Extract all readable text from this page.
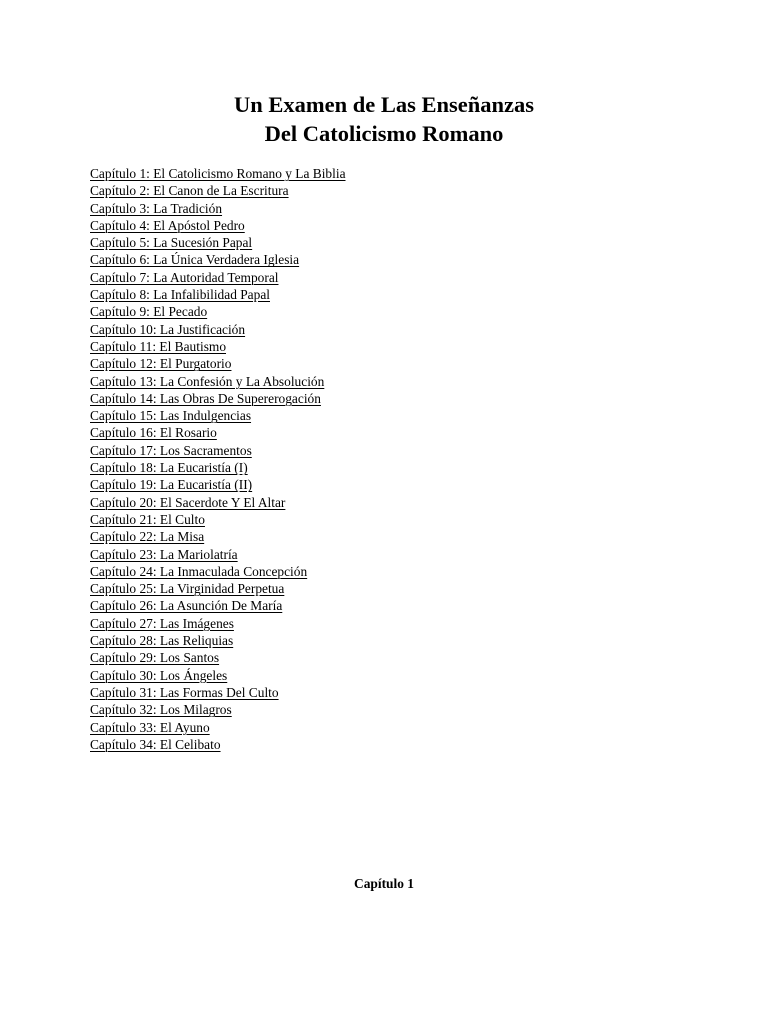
Un Examen de Las Enseñanzas
Del Catolicismo Romano
Capítulo 1: El Catolicismo Romano y La Biblia
Capítulo 2: El Canon de La Escritura
Capítulo 3: La Tradición
Capítulo 4: El Apóstol Pedro
Capítulo 5: La Sucesión Papal
Capítulo 6: La Única Verdadera Iglesia
Capítulo 7: La Autoridad Temporal
Capítulo 8: La Infalibilidad Papal
Capítulo 9: El Pecado
Capítulo 10: La Justificación
Capítulo 11: El Bautismo
Capítulo 12: El Purgatorio
Capítulo 13: La Confesión y La Absolución
Capítulo 14: Las Obras De Supererogación
Capítulo 15: Las Indulgencias
Capítulo 16: El Rosario
Capítulo 17: Los Sacramentos
Capítulo 18: La Eucaristía (I)
Capítulo 19: La Eucaristía (II)
Capítulo 20: El Sacerdote Y El Altar
Capítulo 21: El Culto
Capítulo 22: La Misa
Capítulo 23: La Mariolatría
Capítulo 24: La Inmaculada Concepción
Capítulo 25: La Virginidad Perpetua
Capítulo 26: La Asunción De María
Capítulo 27: Las Imágenes
Capítulo 28: Las Reliquias
Capítulo 29: Los Santos
Capítulo 30: Los Ángeles
Capítulo 31: Las Formas Del Culto
Capítulo 32: Los Milagros
Capítulo 33: El Ayuno
Capítulo 34: El Celibato
Capítulo 1
